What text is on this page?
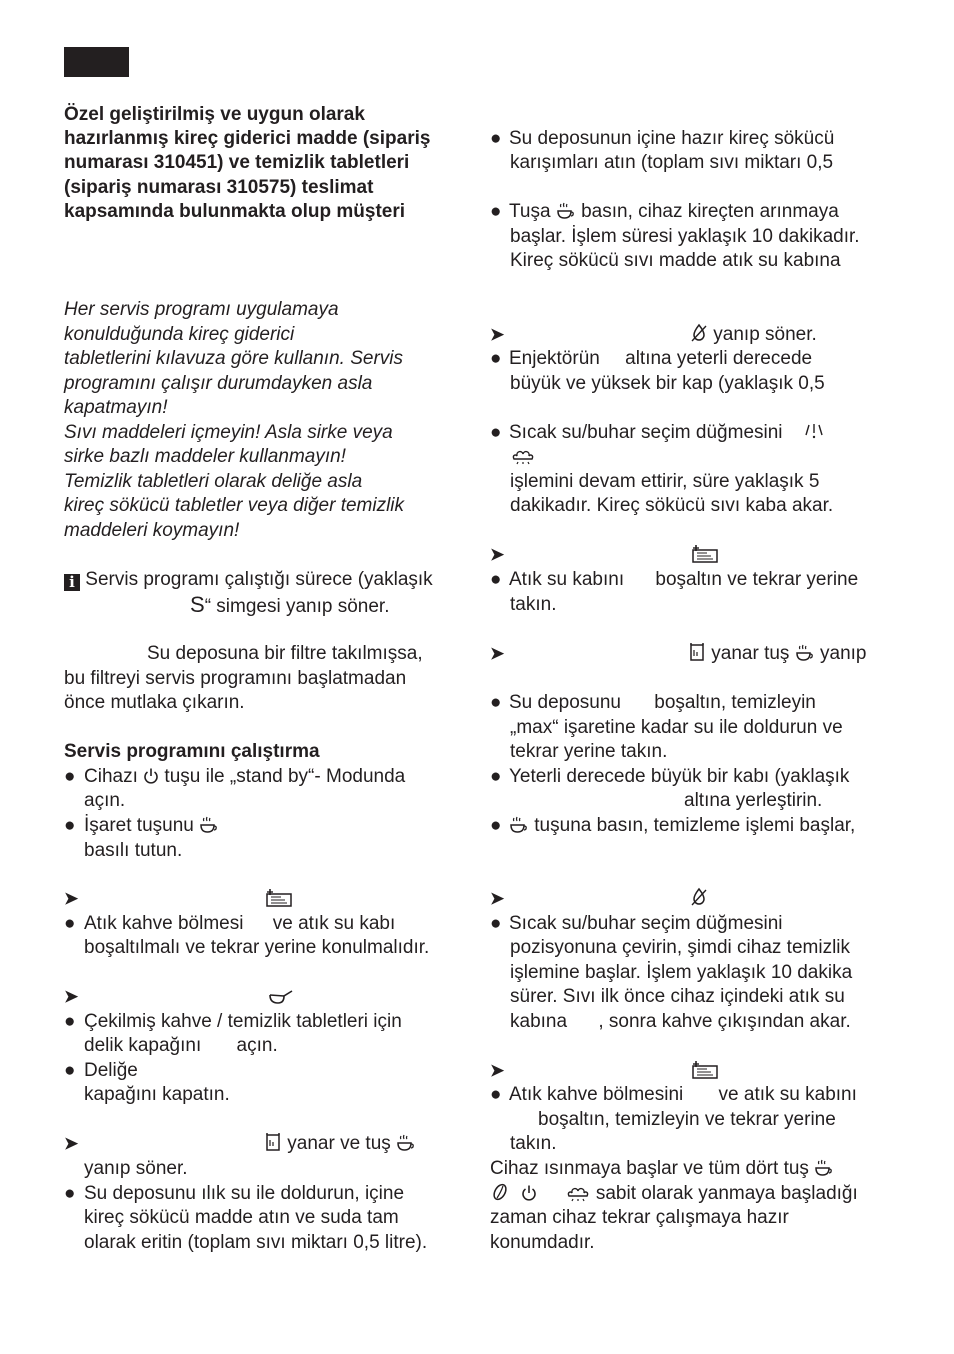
Özel geliştirilmiş ve uygun olarak
hazırlanmış kireç giderici madde (sipariş
numarası 310451) ve temizlik tabletleri
(sipariş numarası 310575) teslimat
kapsamında bulunmakta olup müşteri
Her servis programı uygulamaya
konulduğunda kireç giderici
tabletlerini kılavuza göre kullanın. Servis
programını çalışır durumdayken asla
kapatmayın!
Sıvı maddeleri içmeyin! Asla sirke veya
sirke bazlı maddeler kullanmayın!
Temizlik tabletleri olarak deliğe asla
kireç sökücü tabletler veya diğer temizlik
maddeleri koymayın!
i Servis programı çalıştığı sürece (yaklaşık
S“ simgesi yanıp söner.
Su deposuna bir filtre takılmışsa,
bu filtreyi servis programını başlatmadan
önce mutlaka çıkarın.
Servis programını çalıştırma
● Cihazı tuşu ile „stand by“- Modunda
açın.
● İşaret tuşunu
basılı tutun.
➤
● Atık kahve bölmesi ve atık su kabı
boşaltılmalı ve tekrar yerine konulmalıdır.
➤
● Çekilmiş kahve / temizlik tabletleri için
delik kapağını açın.
● Deliğe
kapağını kapatın.
➤	yanar ve tuş
yanıp söner.
● Su deposunu ılık su ile doldurun, içine
kireç sökücü madde atın ve suda tam
olarak eritin (toplam sıvı miktarı 0,5 litre).
● Su deposunun içine hazır kireç sökücü
karışımları atın (toplam sıvı miktarı 0,5
● Tuşa basın, cihaz kireçten arınmaya
başlar. İşlem süresi yaklaşık 10 dakikadır.
Kireç sökücü sıvı madde atık su kabına
➤	yanıp söner.
● Enjektörün altına yeterli derecede
büyük ve yüksek bir kap (yaklaşık 0,5
● Sıcak su/buhar seçim düğmesini
işlemini devam ettirir, süre yaklaşık 5
dakikadır. Kireç sökücü sıvı kaba akar.
➤
● Atık su kabını boşaltın ve tekrar yerine
takın.
➤	yanar tuş yanıp
● Su deposunu boşaltın, temizleyin
„max“ işaretine kadar su ile doldurun ve
tekrar yerine takın.
● Yeterli derecede büyük bir kabı (yaklaşık
altına yerleştirin.
● tuşuna basın, temizleme işlemi başlar,
➤
● Sıcak su/buhar seçim düğmesini
pozisyonuna çevirin, şimdi cihaz temizlik
işlemine başlar. İşlem yaklaşık 10 dakika
sürer. Sıvı ilk önce cihaz içindeki atık su
kabına , sonra kahve çıkışından akar.
➤
● Atık kahve bölmesini ve atık su kabını
boşaltın, temizleyin ve tekrar yerine
takın.
Cihaz ısınmaya başlar ve tüm dört tuş

sabit olarak yanmaya başladığı
zaman cihaz tekrar çalışmaya hazır
konumdadır.
